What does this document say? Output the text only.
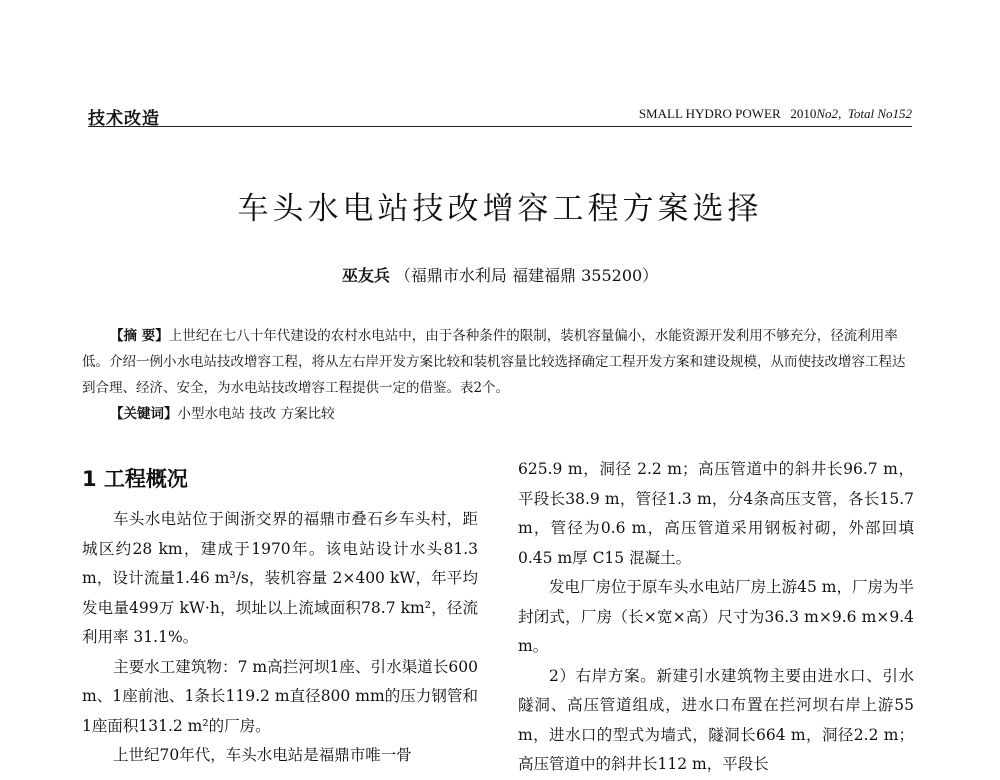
技术改造	SMALL HYDRO POWER 2010No2,  Total No152
车头水电站技改增容工程方案选择
巫友兵 （福鼎市水利局 福建福鼎 355200）

【摘 要】上世纪在七八十年代建设的农村水电站中，由于各种条件的限制，装机容量偏小，水能资源开发利用不够充分，径流利用率低。介绍一例小水电站技改增容工程，将从左右岸开发方案比较和装机容量比较选择确定工程开发方案和建设规模，从而使技改增容工程达到合理、经济、安全，为水电站技改增容工程提供一定的借鉴。表2个。

【关键词】小型水电站 技改 方案比较

1 工程概况

车头水电站位于闽浙交界的福鼎市叠石乡车头村，距城区约28 km，建成于1970年。该电站设计水头81.3 m，设计流量1.46 m³/s，装机容量 2×400 kW，年平均发电量499万 kW·h，坝址以上流域面积78.7 km²，径流利用率 31.1%。

主要水工建筑物：7 m高拦河坝1座、引水渠道长600 m、1座前池、1条长119.2 m直径800 mm的压力钢管和1座面积131.2 m²的厂房。

上世纪70年代，车头水电站是福鼎市唯一骨

625.9 m，洞径 2.2 m；高压管道中的斜井长96.7 m，平段长38.9 m，管径1.3 m，分4条高压支管，各长15.7 m，管径为0.6 m，高压管道采用钢板衬砌，外部回填0.45 m厚 C15 混凝土。

发电厂房位于原车头水电站厂房上游45 m，厂房为半封闭式，厂房（长×宽×高）尺寸为36.3 m×9.6 m×9.4 m。

2）右岸方案。新建引水建筑物主要由进水口、引水隧洞、高压管道组成，进水口布置在拦河坝右岸上游55 m，进水口的型式为墙式，隧洞长664 m，洞径2.2 m；高压管道中的斜井长112 m，平段长
